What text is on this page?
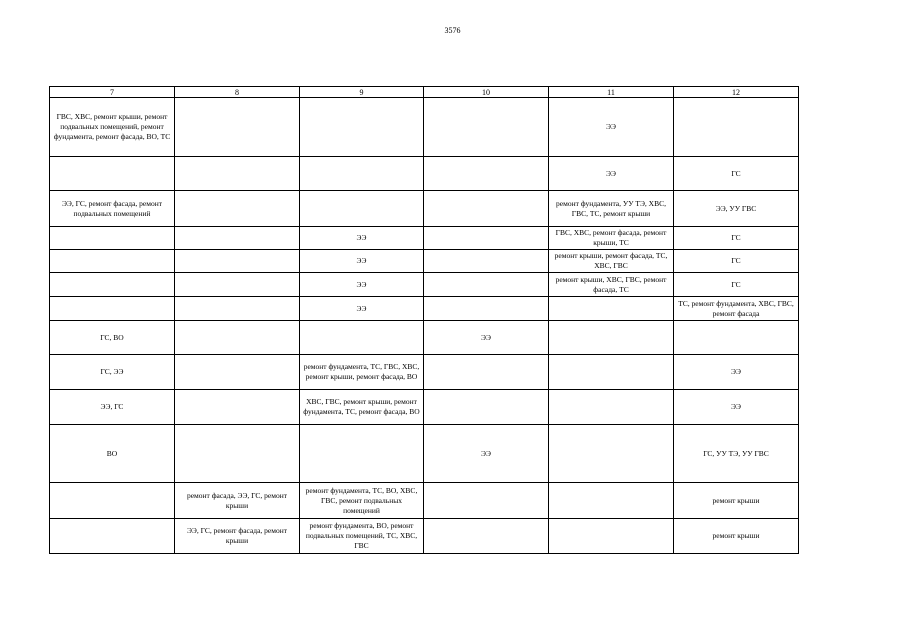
3576
7	8	9	10	11	12
ГВС, ХВС, ремонт крыши, ремонт подвальных помещений, ремонт фундамента, ремонт фасада, ВО, ТС				ЭЭ	
				ЭЭ	ГС
ЭЭ, ГС, ремонт фасада, ремонт подвальных помещений				ремонт фундамента, УУ ТЭ, ХВС, ГВС, ТС, ремонт крыши	ЭЭ, УУ ГВС
		ЭЭ		ГВС, ХВС, ремонт фасада, ремонт крыши, ТС	ГС
		ЭЭ		ремонт крыши, ремонт фасада, ТС, ХВС, ГВС	ГС
		ЭЭ		ремонт крыши, ХВС, ГВС, ремонт фасада, ТС	ГС
		ЭЭ			ТС, ремонт фундамента, ХВС, ГВС, ремонт фасада
ГС, ВО			ЭЭ		
ГС, ЭЭ		ремонт фундамента, ТС, ГВС, ХВС, ремонт крыши, ремонт фасада, ВО			ЭЭ
ЭЭ, ГС		ХВС, ГВС, ремонт крыши, ремонт фундамента, ТС, ремонт фасада, ВО			ЭЭ
ВО			ЭЭ		ГС, УУ ТЭ, УУ ГВС
	ремонт фасада, ЭЭ, ГС, ремонт крыши	ремонт фундамента, ТС, ВО, ХВС, ГВС, ремонт подвальных помещений			ремонт крыши
	ЭЭ, ГС, ремонт фасада, ремонт крыши	ремонт фундамента, ВО, ремонт подвальных помещений, ТС, ХВС, ГВС			ремонт крыши
